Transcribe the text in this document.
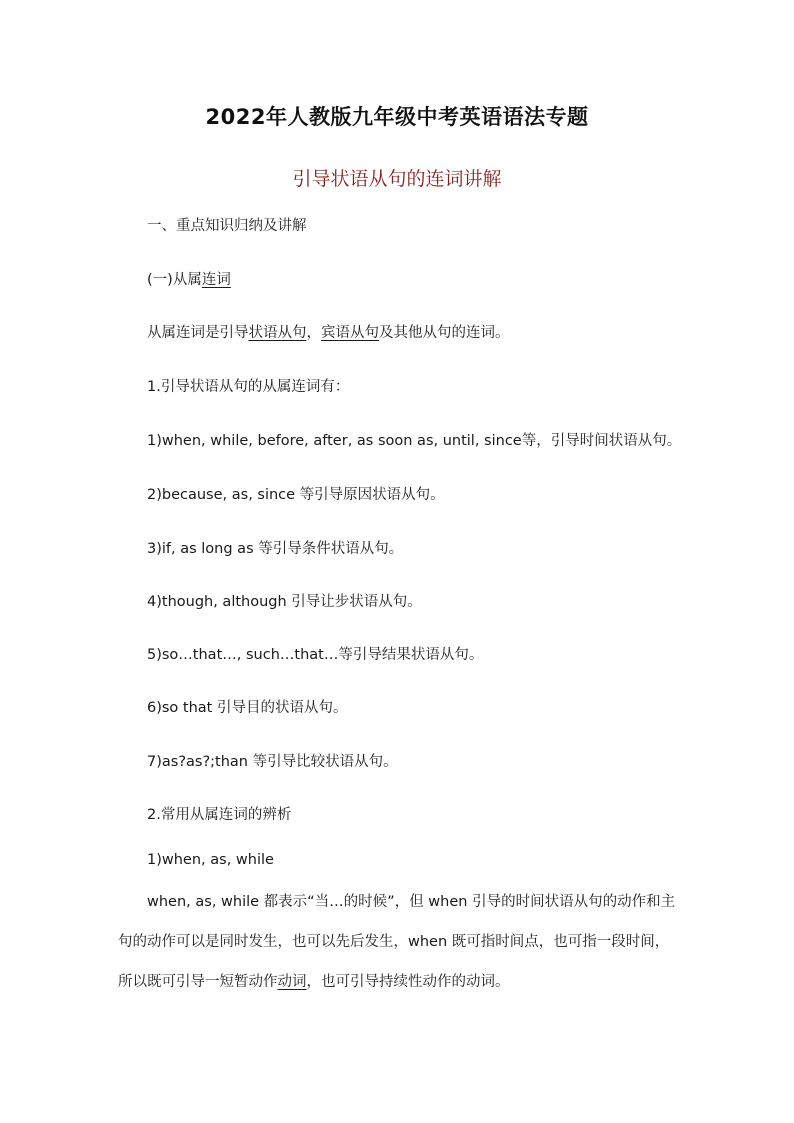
2022年人教版九年级中考英语语法专题
引导状语从句的连词讲解
一、重点知识归纳及讲解
(一)从属连词
从属连词是引导状语从句，宾语从句及其他从句的连词。
1.引导状语从句的从属连词有：
1)when, while, before, after, as soon as, until, since等，引导时间状语从句。
2)because, as, since 等引导原因状语从句。
3)if, as long as 等引导条件状语从句。
4)though, although 引导让步状语从句。
5)so…that…, such…that…等引导结果状语从句。
6)so that 引导目的状语从句。
7)as?as?;than 等引导比较状语从句。
2.常用从属连词的辨析
1)when, as, while
when, as, while 都表示“当…的时候”，但 when 引导的时间状语从句的动作和主句的动作可以是同时发生，也可以先后发生，when 既可指时间点，也可指一段时间，所以既可引导一短暂动作动词，也可引导持续性动作的动词。
